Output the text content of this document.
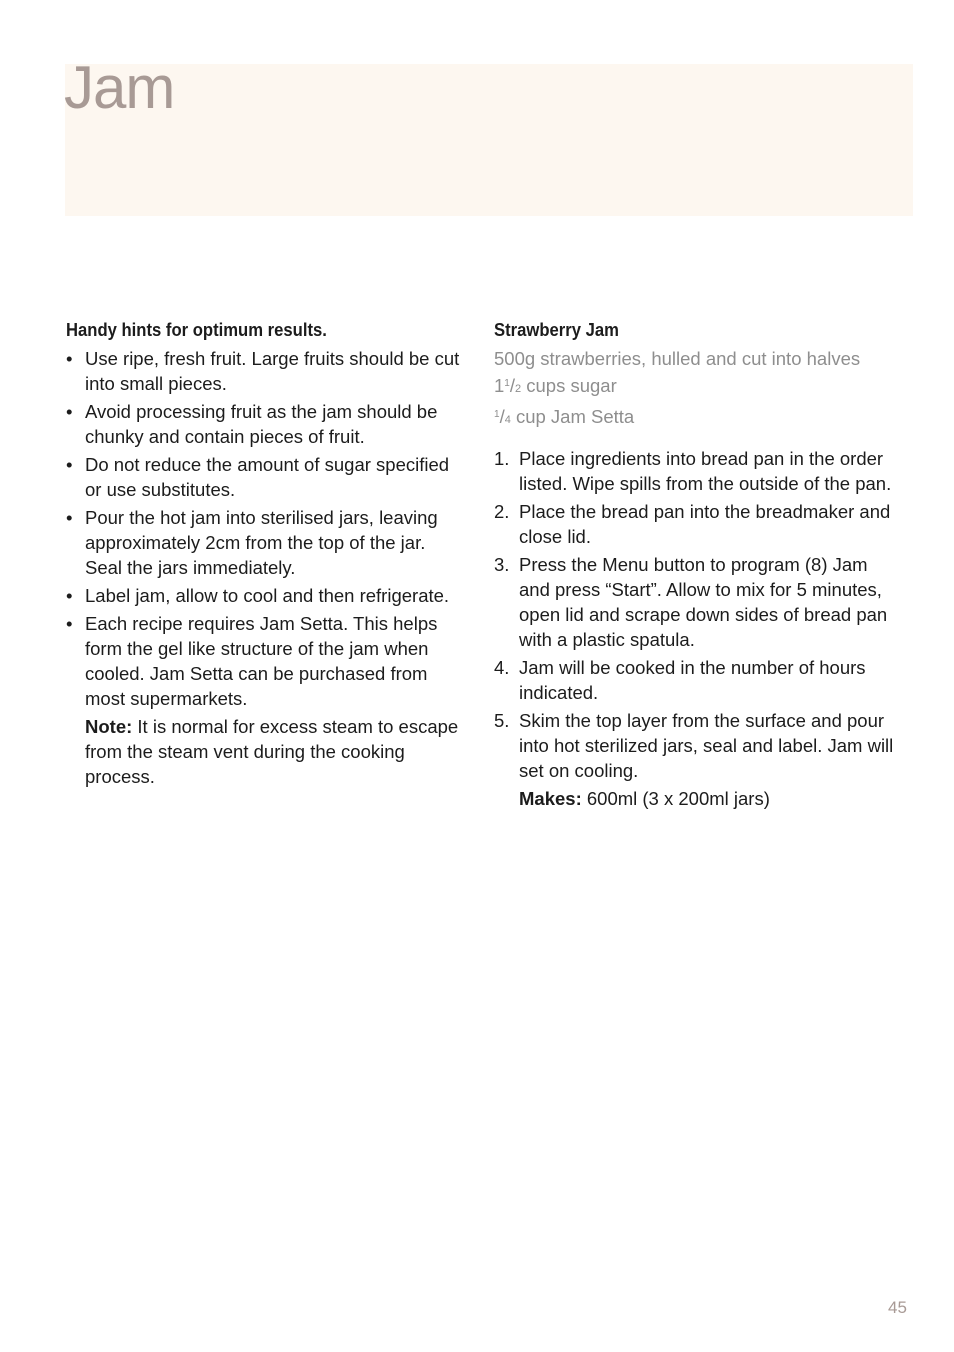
Jam
Handy hints for optimum results.
• Use ripe, fresh fruit. Large fruits should be cut into small pieces.
• Avoid processing fruit as the jam should be chunky and contain pieces of fruit.
• Do not reduce the amount of sugar specified or use substitutes.
• Pour the hot jam into sterilised jars, leaving approximately 2cm from the top of the jar. Seal the jars immediately.
• Label jam, allow to cool and then refrigerate.
• Each recipe requires Jam Setta. This helps form the gel like structure of the jam when cooled. Jam Setta can be purchased from most supermarkets.

Note: It is normal for excess steam to escape from the steam vent during the cooking process.

Strawberry Jam
500g strawberries, hulled and cut into halves
$1^1/2$ cups sugar
$^1$/4 cup Jam Setta
1. Place ingredients into bread pan in the order listed. Wipe spills from the outside of the pan.
2. Place the bread pan into the breadmaker and close lid.
3. Press the Menu button to program (8) Jam and press “Start”. Allow to mix for 5 minutes, open lid and scrape down sides of bread pan with a plastic spatula.
4. Jam will be cooked in the number of hours indicated.
5. Skim the top layer from the surface and pour into hot sterilized jars, seal and label. Jam will set on cooling.

Makes: 600ml (3 x 200ml jars)

45
